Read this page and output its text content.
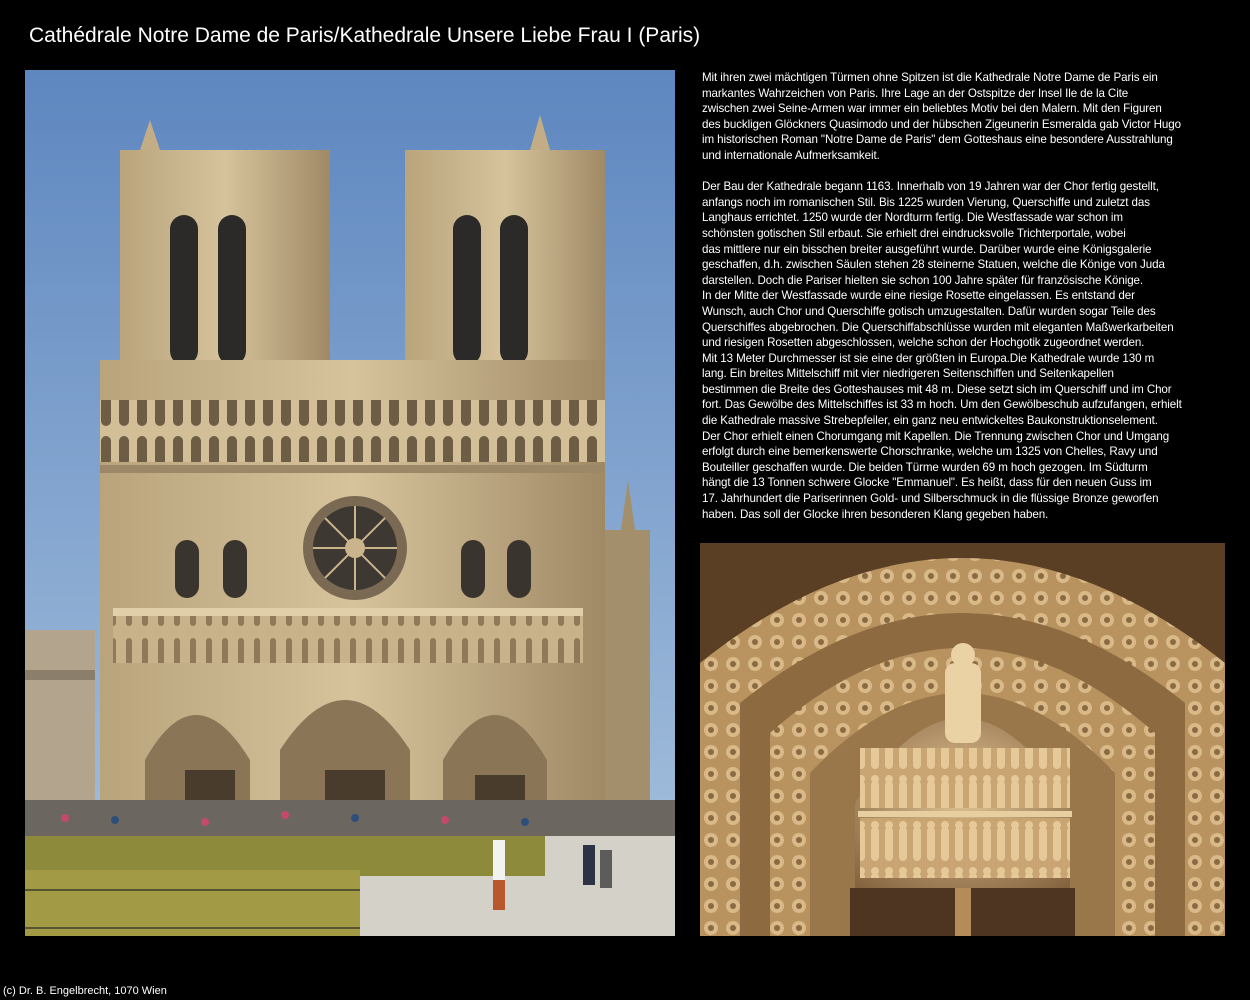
Cathédrale Notre Dame de Paris/Kathedrale Unsere Liebe Frau I (Paris)

Mit ihren zwei mächtigen Türmen ohne Spitzen ist die Kathedrale Notre Dame de Paris ein
markantes Wahrzeichen von Paris. Ihre Lage an der Ostspitze der Insel Ile de la Cite
zwischen zwei Seine-Armen war immer ein beliebtes Motiv bei den Malern. Mit den Figuren
des buckligen Glöckners Quasimodo und der hübschen Zigeunerin Esmeralda gab Victor Hugo
im historischen Roman "Notre Dame de Paris" dem Gotteshaus eine besondere Ausstrahlung
und internationale Aufmerksamkeit.

Der Bau der Kathedrale begann 1163. Innerhalb von 19 Jahren war der Chor fertig gestellt,
anfangs noch im romanischen Stil. Bis 1225 wurden Vierung, Querschiffe und zuletzt das
Langhaus errichtet. 1250 wurde der Nordturm fertig. Die Westfassade war schon im
schönsten gotischen Stil erbaut. Sie erhielt drei eindrucksvolle Trichterportale, wobei
das mittlere nur ein bisschen breiter ausgeführt wurde. Darüber wurde eine Königsgalerie
geschaffen, d.h. zwischen Säulen stehen 28 steinerne Statuen, welche die Könige von Juda
darstellen. Doch die Pariser hielten sie schon 100 Jahre später für französische Könige.
In der Mitte der Westfassade wurde eine riesige Rosette eingelassen. Es entstand der
Wunsch, auch Chor und Querschiffe gotisch umzugestalten. Dafür wurden sogar Teile des
Querschiffes abgebrochen. Die Querschiffabschlüsse wurden mit eleganten Maßwerkarbeiten
und riesigen Rosetten abgeschlossen, welche schon der Hochgotik zugeordnet werden.
Mit 13 Meter Durchmesser ist sie eine der größten in Europa.Die Kathedrale wurde 130 m
lang. Ein breites Mittelschiff mit vier niedrigeren Seitenschiffen und Seitenkapellen
bestimmen die Breite des Gotteshauses mit 48 m. Diese setzt sich im Querschiff und im Chor
fort. Das Gewölbe des Mittelschiffes ist 33 m hoch. Um den Gewölbeschub aufzufangen, erhielt
die Kathedrale massive Strebepfeiler, ein ganz neu entwickeltes Baukonstruktionselement.
Der Chor erhielt einen Chorumgang mit Kapellen. Die Trennung zwischen Chor und Umgang
erfolgt durch eine bemerkenswerte Chorschranke, welche um 1325 von Chelles, Ravy und
Bouteiller geschaffen wurde. Die beiden Türme wurden 69 m hoch gezogen. Im Südturm
hängt die 13 Tonnen schwere Glocke "Emmanuel". Es heißt, dass für den neuen Guss im
17. Jahrhundert die Pariserinnen Gold- und Silberschmuck in die flüssige Bronze geworfen
haben. Das soll der Glocke ihren besonderen Klang gegeben haben.

(c) Dr. B. Engelbrecht, 1070 Wien
